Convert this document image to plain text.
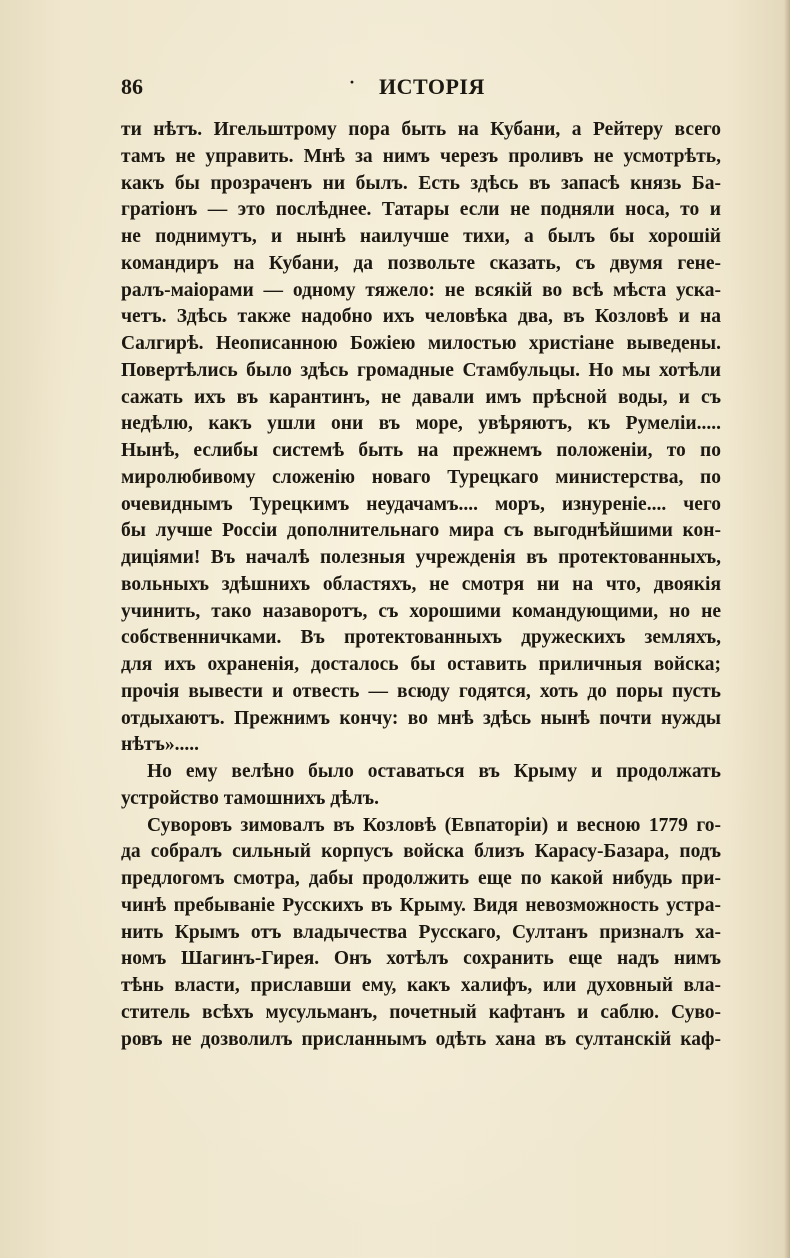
86	· ИСТОРІЯ
ти нѣтъ. Игельштрому пора быть на Кубани, а Рейтеру всего
тамъ не управить. Мнѣ за нимъ черезъ проливъ не усмотрѣть,
какъ бы прозраченъ ни былъ. Есть здѣсь въ запасѣ князь Ба-
гратіонъ — это послѣднее. Татары если не подняли носа, то и
не поднимутъ, и нынѣ наилучше тихи, а былъ бы хорошій
командиръ на Кубани, да позвольте сказать, съ двумя гене-
ралъ-маіорами — одному тяжело: не всякій во всѣ мѣста уска-
четъ. Здѣсь также надобно ихъ человѣка два, въ Козловѣ и на
Салгирѣ. Неописанною Божіею милостью христіане выведены.
Повертѣлись было здѣсь громадные Стамбульцы. Но мы хотѣли
сажать ихъ въ карантинъ, не давали имъ прѣсной воды, и съ
недѣлю, какъ ушли они въ море, увѣряютъ, къ Румеліи.....
Нынѣ, еслибы системѣ быть на прежнемъ положеніи, то по
миролюбивому сложенію новаго Турецкаго министерства, по
очевиднымъ Турецкимъ неудачамъ.... моръ, изнуреніе.... чего
бы лучше Россіи дополнительнаго мира съ выгоднѣйшими кон-
диціями! Въ началѣ полезныя учрежденія въ протектованныхъ,
вольныхъ здѣшнихъ областяхъ, не смотря ни на что, двоякія
учинить, тако назаворотъ, съ хорошими командующими, но не
собственничками. Въ протектованныхъ дружескихъ земляхъ,
для ихъ охраненія, досталось бы оставить приличныя войска;
прочія вывести и отвесть — всюду годятся, хоть до поры пусть
отдыхаютъ. Прежнимъ кончу: во мнѣ здѣсь нынѣ почти нужды
нѣтъ».....
Но ему велѣно было оставаться въ Крыму и продолжать
устройство тамошнихъ дѣлъ.
Суворовъ зимовалъ въ Козловѣ (Евпаторіи) и весною 1779 го-
да собралъ сильный корпусъ войска близъ Карасу-Базара, подъ
предлогомъ смотра, дабы продолжить еще по какой нибудь при-
чинѣ пребываніе Русскихъ въ Крыму. Видя невозможность устра-
нить Крымъ отъ владычества Русскаго, Султанъ призналъ ха-
номъ Шагинъ-Гирея. Онъ хотѣлъ сохранить еще надъ нимъ
тѣнь власти, приславши ему, какъ халифъ, или духовный вла-
ститель всѣхъ мусульманъ, почетный кафтанъ и саблю. Суво-
ровъ не дозволилъ присланнымъ одѣть хана въ султанскій каф-
